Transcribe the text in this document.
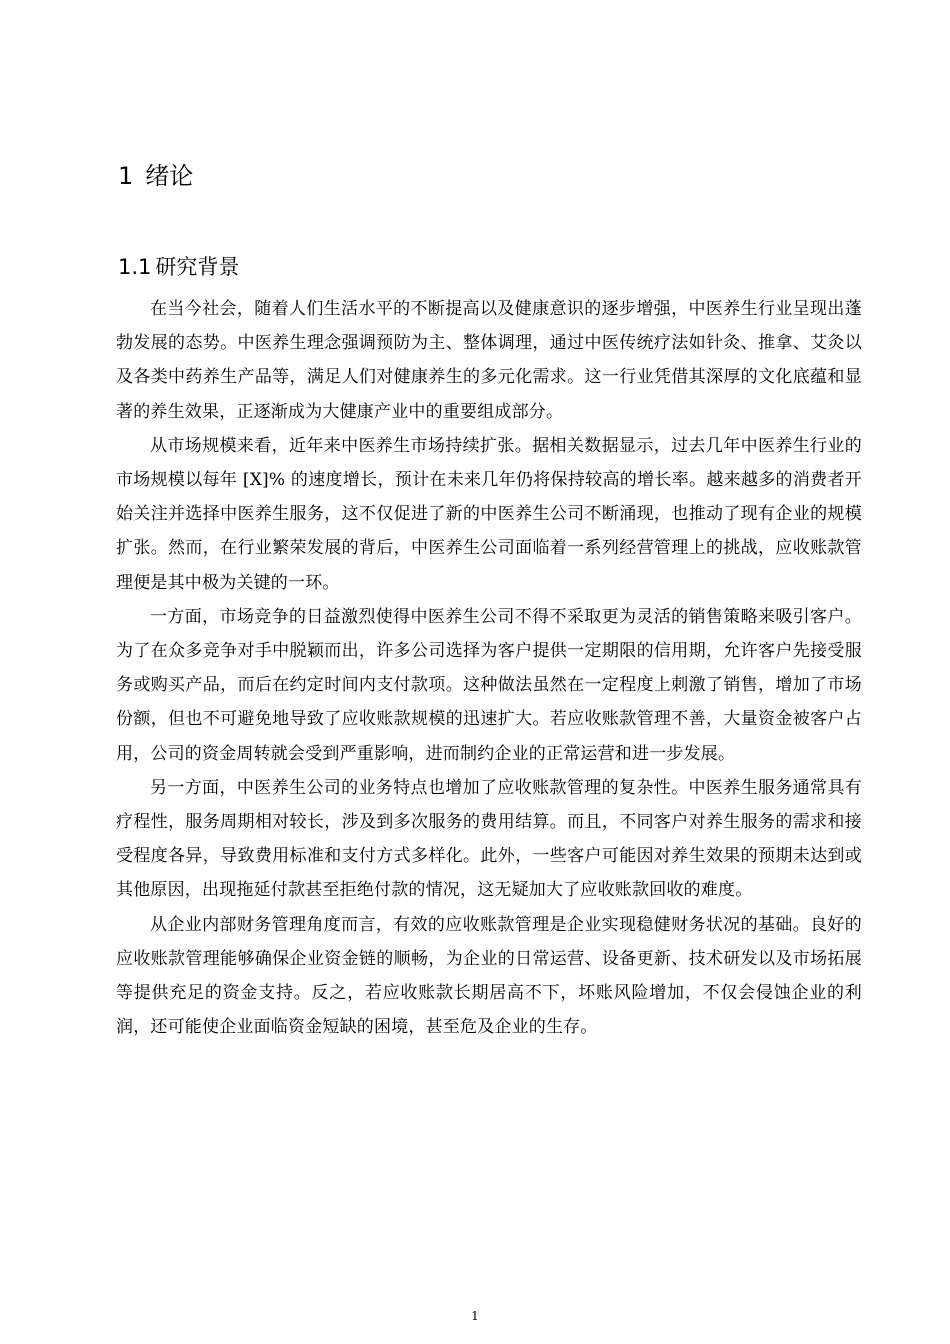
1 绪论
1.1 研究背景

在当今社会，随着人们生活水平的不断提高以及健康意识的逐步增强，中医养生行业呈现出蓬勃发展的态势。中医养生理念强调预防为主、整体调理，通过中医传统疗法如针灸、推拿、艾灸以及各类中药养生产品等，满足人们对健康养生的多元化需求。这一行业凭借其深厚的文化底蕴和显著的养生效果，正逐渐成为大健康产业中的重要组成部分。

从市场规模来看，近年来中医养生市场持续扩张。据相关数据显示，过去几年中医养生行业的市场规模以每年 [X]% 的速度增长，预计在未来几年仍将保持较高的增长率。越来越多的消费者开始关注并选择中医养生服务，这不仅促进了新的中医养生公司不断涌现，也推动了现有企业的规模扩张。然而，在行业繁荣发展的背后，中医养生公司面临着一系列经营管理上的挑战，应收账款管理便是其中极为关键的一环。

一方面，市场竞争的日益激烈使得中医养生公司不得不采取更为灵活的销售策略来吸引客户。为了在众多竞争对手中脱颖而出，许多公司选择为客户提供一定期限的信用期，允许客户先接受服务或购买产品，而后在约定时间内支付款项。这种做法虽然在一定程度上刺激了销售，增加了市场份额，但也不可避免地导致了应收账款规模的迅速扩大。若应收账款管理不善，大量资金被客户占用，公司的资金周转就会受到严重影响，进而制约企业的正常运营和进一步发展。

另一方面，中医养生公司的业务特点也增加了应收账款管理的复杂性。中医养生服务通常具有疗程性，服务周期相对较长，涉及到多次服务的费用结算。而且，不同客户对养生服务的需求和接受程度各异，导致费用标准和支付方式多样化。此外，一些客户可能因对养生效果的预期未达到或其他原因，出现拖延付款甚至拒绝付款的情况，这无疑加大了应收账款回收的难度。

从企业内部财务管理角度而言，有效的应收账款管理是企业实现稳健财务状况的基础。良好的应收账款管理能够确保企业资金链的顺畅，为企业的日常运营、设备更新、技术研发以及市场拓展等提供充足的资金支持。反之，若应收账款长期居高不下，坏账风险增加，不仅会侵蚀企业的利润，还可能使企业面临资金短缺的困境，甚至危及企业的生存。

1
